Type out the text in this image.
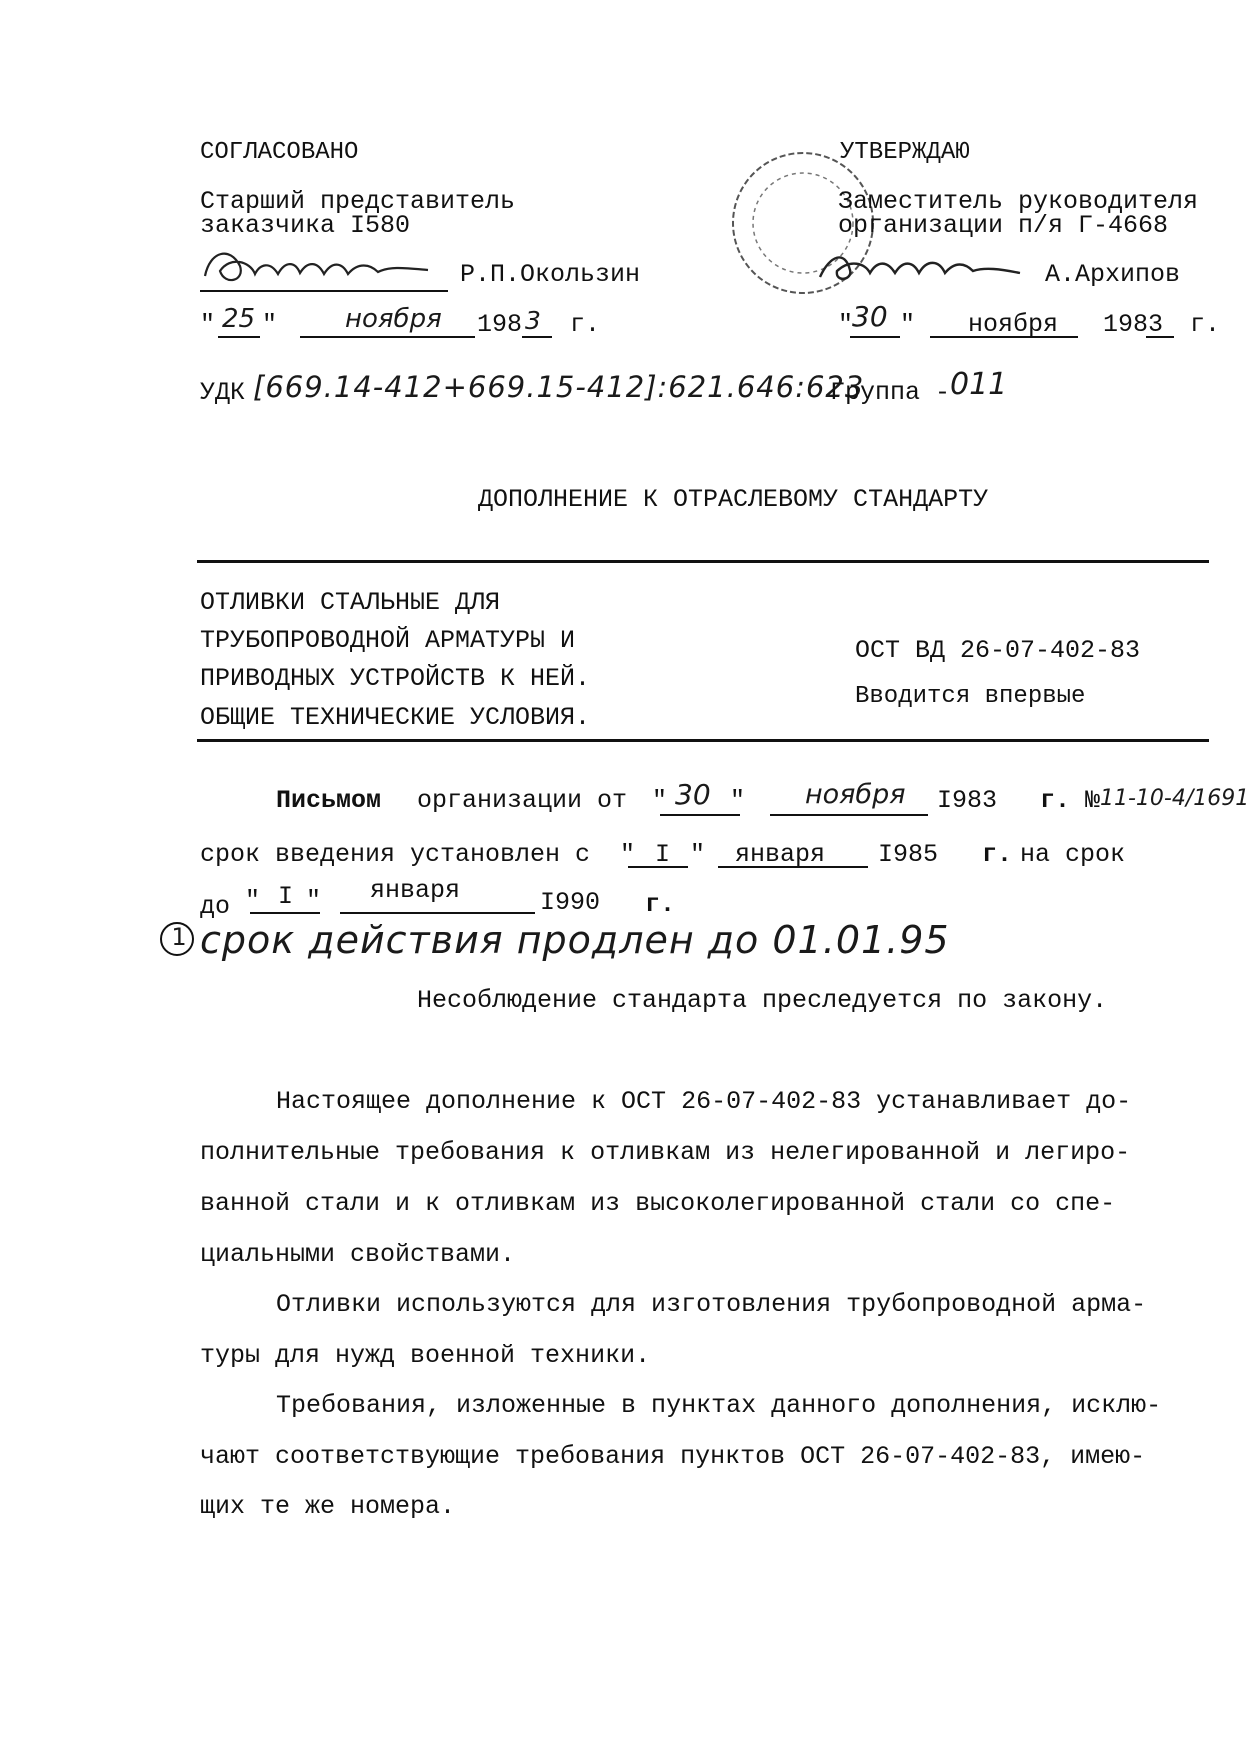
СОГЛАСОВАНО
Старший представитель
заказчика I580
Р.П.Окользин
" 25 "	ноября 198 3 г.
УТВЕРЖДАЮ
Заместитель руководителя
организации п/я Г-4668
А.Архипов
"
30 " ноября 198 3 г.
УДК [669.14-412+669.15-412]:621.646:623
Группа - 011
ДОПОЛНЕНИЕ К ОТРАСЛЕВОМУ СТАНДАРТУ
ОТЛИВКИ СТАЛЬНЫЕ ДЛЯ
ТРУБОПРОВОДНОЙ АРМАТУРЫ И
ПРИВОДНЫХ УСТРОЙСТВ К НЕЙ.
ОБЩИЕ ТЕХНИЧЕСКИЕ УСЛОВИЯ.
ОСТ ВД 26-07-402-83
Вводится впервые
Письмом организации от " 30 " ноября I983 г. № 11-10-4/1691
срок введения установлен с " I " января I985 г. на срок
до " I " января	I990 г.
1 срок действия продлен до 01.01.95
Несоблюдение стандарта преследуется по закону.
Настоящее дополнение к ОСТ 26-07-402-83 устанавливает до-
полнительные требования к отливкам из нелегированной и легиро-
ванной стали и к отливкам из высоколегированной стали со спе-
циальными свойствами.
Отливки используются для изготовления трубопроводной арма-
туры для нужд военной техники.
Требования, изложенные в пунктах данного дополнения, исклю-
чают соответствующие требования пунктов ОСТ 26-07-402-83, имею-
щих те же номера.
